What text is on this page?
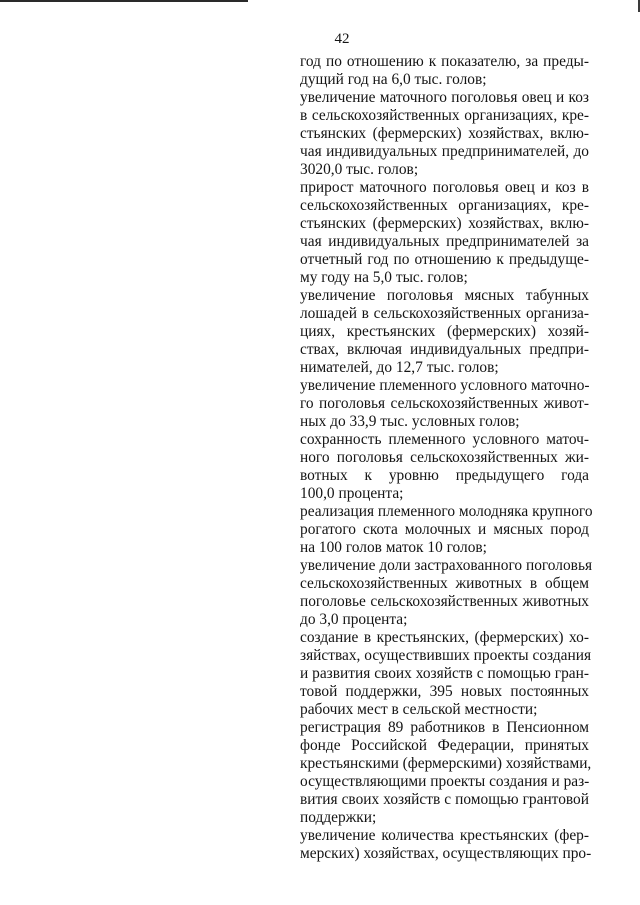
42
год по отношению к показателю, за преды-
дущий год на 6,0 тыс. голов;
увеличение маточного поголовья овец и коз
в сельскохозяйственных организациях, кре-
стьянских (фермерских) хозяйствах, вклю-
чая индивидуальных предпринимателей, до
3020,0 тыс. голов;
прирост маточного поголовья овец и коз в
сельскохозяйственных организациях, кре-
стьянских (фермерских) хозяйствах, вклю-
чая индивидуальных предпринимателей за
отчетный год по отношению к предыдуще-
му году на 5,0 тыс. голов;
увеличение поголовья мясных табунных
лошадей в сельскохозяйственных организа-
циях, крестьянских (фермерских) хозяй-
ствах, включая индивидуальных предпри-
нимателей, до 12,7 тыс. голов;
увеличение племенного условного маточно-
го поголовья сельскохозяйственных живот-
ных до 33,9 тыс. условных голов;
сохранность племенного условного маточ-
ного поголовья сельскохозяйственных жи-
вотных к уровню предыдущего года
100,0 процента;
реализация племенного молодняка крупного
рогатого скота молочных и мясных пород
на 100 голов маток 10 голов;
увеличение доли застрахованного поголовья
сельскохозяйственных животных в общем
поголовье сельскохозяйственных животных
до 3,0 процента;
создание в крестьянских, (фермерских) хо-
зяйствах, осуществивших проекты создания
и развития своих хозяйств с помощью гран-
товой поддержки, 395 новых постоянных
рабочих мест в сельской местности;
регистрация 89 работников в Пенсионном
фонде Российской Федерации, принятых
крестьянскими (фермерскими) хозяйствами,
осуществляющими проекты создания и раз-
вития своих хозяйств с помощью грантовой
поддержки;
увеличение количества крестьянских (фер-
мерских) хозяйствах, осуществляющих про-
